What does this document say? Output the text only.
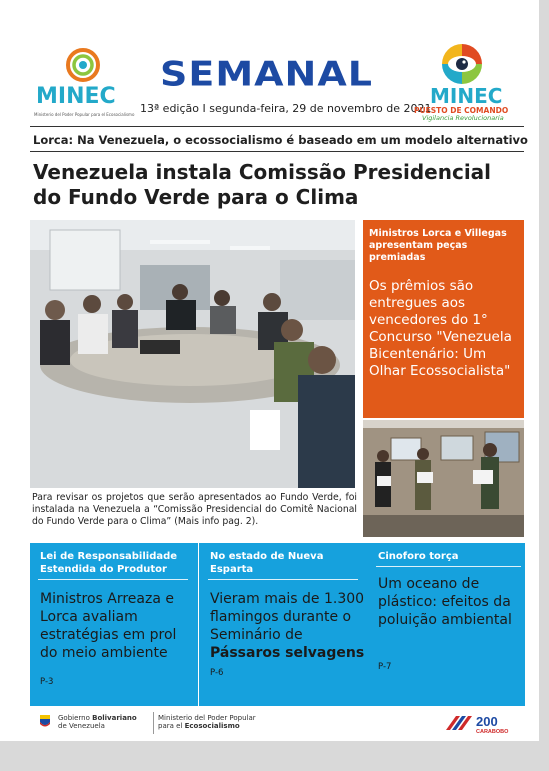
MINEC
Ministerio del Poder Popular para el Ecosocialismo
SEMANAL
13ª edição I segunda-feira, 29 de novembro de 2021
MINEC
PUESTO DE COMANDO
Vigilancia Revolucionaria
Lorca: Na Venezuela, o ecossocialismo é baseado em um modelo alternativo
Venezuela instala Comissão Presidencial do Fundo Verde para o Clima
Para revisar os projetos que serão apresentados ao Fundo Verde, foi instalada na Venezuela a “Comissão Presidencial do Comitê Nacional do Fundo Verde para o Clima” (Mais info pag. 2).
Ministros Lorca e Villegas apresentam peças premiadas
Os prêmios são entregues aos vencedores do 1° Concurso "Venezuela Bicentenário: Um Olhar Ecossocialista"
Lei de Responsabilidade Estendida do Produtor
Ministros Arreaza e Lorca avaliam estratégias em prol do meio ambiente
P-3
No estado de Nueva Esparta
Vieram mais de 1.300 flamingos durante o Seminário de Pássaros selvagens P-6
Cinoforo torça
Um oceano de plástico: efeitos da poluição ambiental
P-7
Gobierno Bolivariano
de Venezuela
Ministerio del Poder Popular
para el Ecosocialismo	200
CARABOBO
